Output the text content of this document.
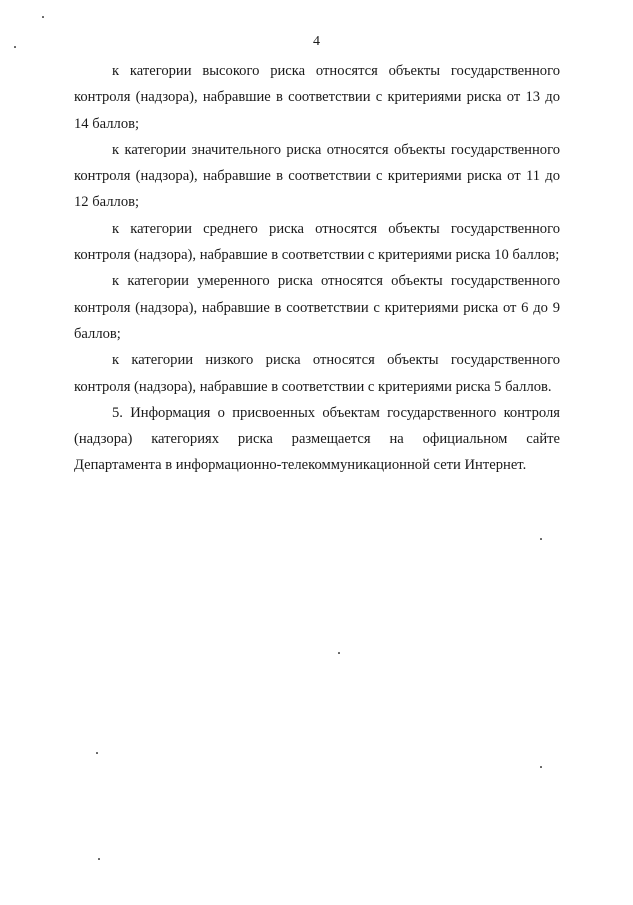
4

к категории высокого риска относятся объекты государственного контроля (надзора), набравшие в соответствии с критериями риска от 13 до 14 баллов;

к категории значительного риска относятся объекты государственного контроля (надзора), набравшие в соответствии с критериями риска от 11 до 12 баллов;

к категории среднего риска относятся объекты государственного контроля (надзора), набравшие в соответствии с критериями риска 10 баллов;

к категории умеренного риска относятся объекты государственного контроля (надзора), набравшие в соответствии с критериями риска от 6 до 9 баллов;

к категории низкого риска относятся объекты государственного контроля (надзора), набравшие в соответствии с критериями риска 5 баллов.

5. Информация о присвоенных объектам государственного контроля (надзора) категориях риска размещается на официальном сайте Департамента в информационно-телекоммуникационной сети Интернет.
